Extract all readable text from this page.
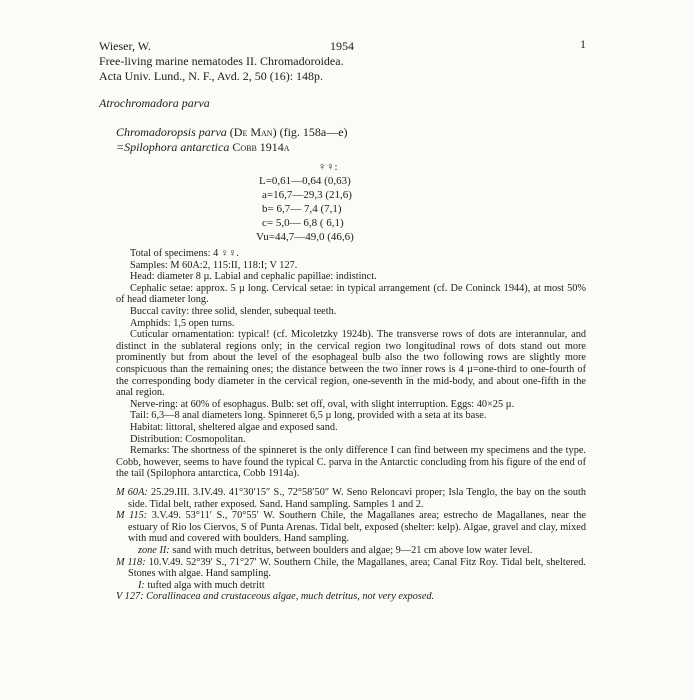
Wieser, W.	1954	1
Free-living marine nematodes II. Chromadoroidea.
Acta Univ. Lund., N. F., Avd. 2, 50 (16): 148p.
Atrochromadora parva
Chromadoropsis parva (De Man) (fig. 158a—e)
=Spilophora antarctica Cobb 1914a
♀♀:
L=0,61—0,64 (0,63)
a=16,7—29,3 (21,6)
b= 6,7— 7,4 (7,1)
c= 5,0— 6,8 ( 6,1)
Vu=44,7—49,0 (46,6)

Total of specimens: 4 ♀♀.

Samples: M 60A:2, 115:II, 118:I; V 127.

Head: diameter 8 µ. Labial and cephalic papillae: indistinct.

Cephalic setae: approx. 5 µ long. Cervical setae: in typical arrangement (cf. De Coninck 1944), at most 50% of head diameter long.

Buccal cavity: three solid, slender, subequal teeth.

Amphids: 1,5 open turns.

Cuticular ornamentation: typical! (cf. Micoletzky 1924b). The transverse rows of dots are interannular, and distinct in the sublateral regions only; in the cervical region two longitudinal rows of dots stand out more prominently but from about the level of the esophageal bulb also the two following rows are slightly more conspicuous than the remaining ones; the distance between the two inner rows is 4 µ=one-third to one-fourth of the corresponding body diameter in the cervical region, one-seventh in the mid-body, and about one-fifth in the anal region.

Nerve-ring: at 60% of esophagus. Bulb: set off, oval, with slight interruption. Eggs: 40×25 µ.

Tail: 6,3—8 anal diameters long. Spinneret 6,5 µ long, provided with a seta at its base.

Habitat: littoral, sheltered algae and exposed sand.

Distribution: Cosmopolitan.

Remarks: The shortness of the spinneret is the only difference I can find between my specimens and the type. Cobb, however, seems to have found the typical C. parva in the Antarctic concluding from his figure of the end of the tail (Spilophora antarctica, Cobb 1914a).

M 60A: 25.29.III. 3.IV.49. 41°30′15″ S., 72°58′50″ W. Seno Reloncavi proper; Isla Tenglo, the bay on the south side. Tidal belt, rather exposed. Sand. Hand sampling. Samples 1 and 2.

M 115: 3.V.49. 53°11′ S., 70°55′ W. Southern Chile, the Magallanes area; estrecho de Magallanes, near the estuary of Rio los Ciervos, S of Punta Arenas. Tidal belt, exposed (shelter: kelp). Algae, gravel and clay, mixed with mud and covered with boulders. Hand sampling.

zone II: sand with much detritus, between boulders and algae; 9—21 cm above low water level.

M 118: 10.V.49. 52°39′ S., 71°27′ W. Southern Chile, the Magallanes, area; Canal Fitz Roy. Tidal belt, sheltered. Stones with algae. Hand sampling.

I: tufted alga with much detritt

V 127: Corallinacea and crustaceous algae, much detritus, not very exposed.
